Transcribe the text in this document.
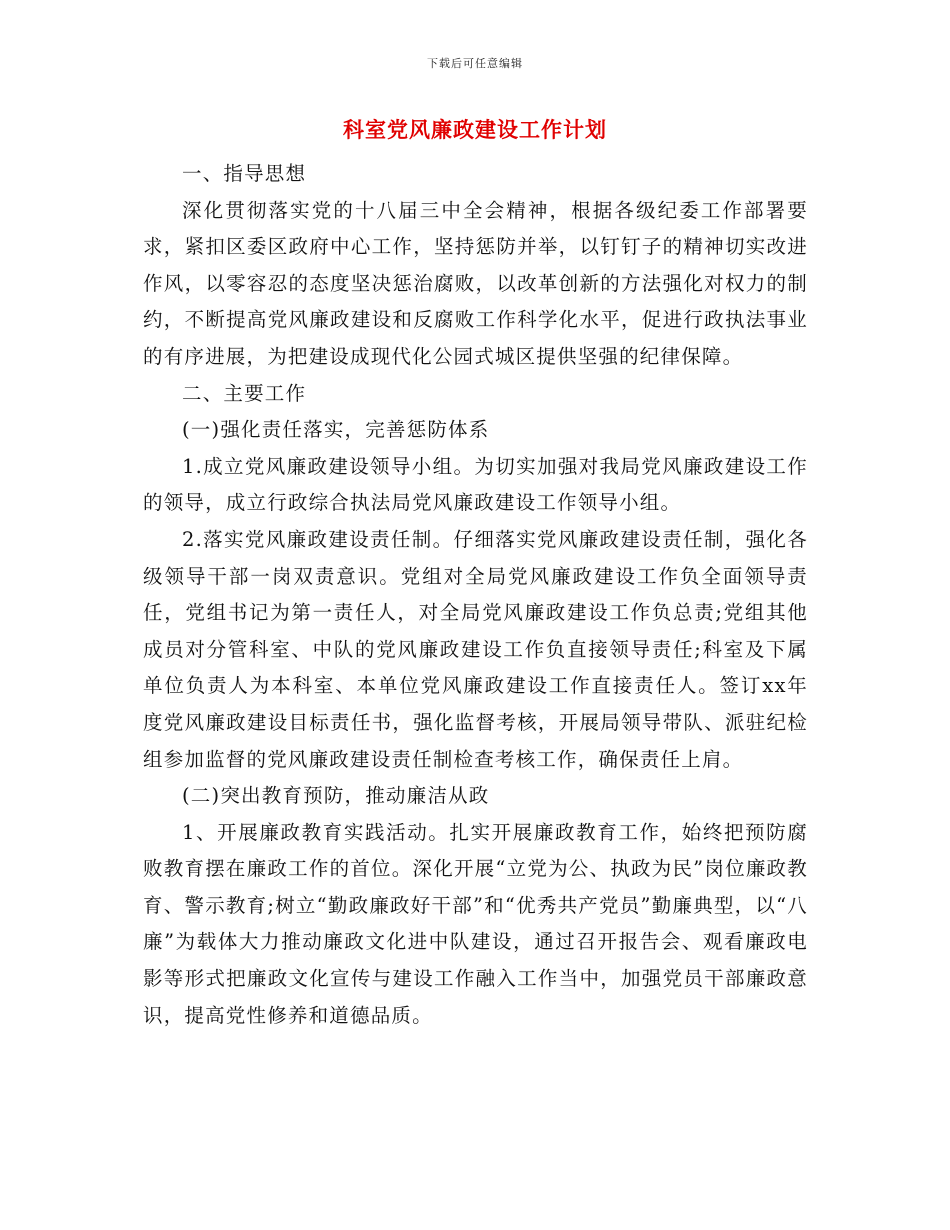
下载后可任意编辑
科室党风廉政建设工作计划

一、指导思想

深化贯彻落实党的十八届三中全会精神，根据各级纪委工作部署要求，紧扣区委区政府中心工作，坚持惩防并举，以钉钉子的精神切实改进作风，以零容忍的态度坚决惩治腐败，以改革创新的方法强化对权力的制约，不断提高党风廉政建设和反腐败工作科学化水平，促进行政执法事业的有序进展，为把建设成现代化公园式城区提供坚强的纪律保障。

二、主要工作

(一)强化责任落实，完善惩防体系

1.成立党风廉政建设领导小组。为切实加强对我局党风廉政建设工作的领导，成立行政综合执法局党风廉政建设工作领导小组。

2.落实党风廉政建设责任制。仔细落实党风廉政建设责任制，强化各级领导干部一岗双责意识。党组对全局党风廉政建设工作负全面领导责任，党组书记为第一责任人，对全局党风廉政建设工作负总责;党组其他成员对分管科室、中队的党风廉政建设工作负直接领导责任;科室及下属单位负责人为本科室、本单位党风廉政建设工作直接责任人。签订xx年度党风廉政建设目标责任书，强化监督考核，开展局领导带队、派驻纪检组参加监督的党风廉政建设责任制检查考核工作，确保责任上肩。

(二)突出教育预防，推动廉洁从政

1、开展廉政教育实践活动。扎实开展廉政教育工作，始终把预防腐败教育摆在廉政工作的首位。深化开展“立党为公、执政为民”岗位廉政教育、警示教育;树立“勤政廉政好干部”和“优秀共产党员”勤廉典型，以“八廉”为载体大力推动廉政文化进中队建设，通过召开报告会、观看廉政电影等形式把廉政文化宣传与建设工作融入工作当中，加强党员干部廉政意识，提高党性修养和道德品质。
